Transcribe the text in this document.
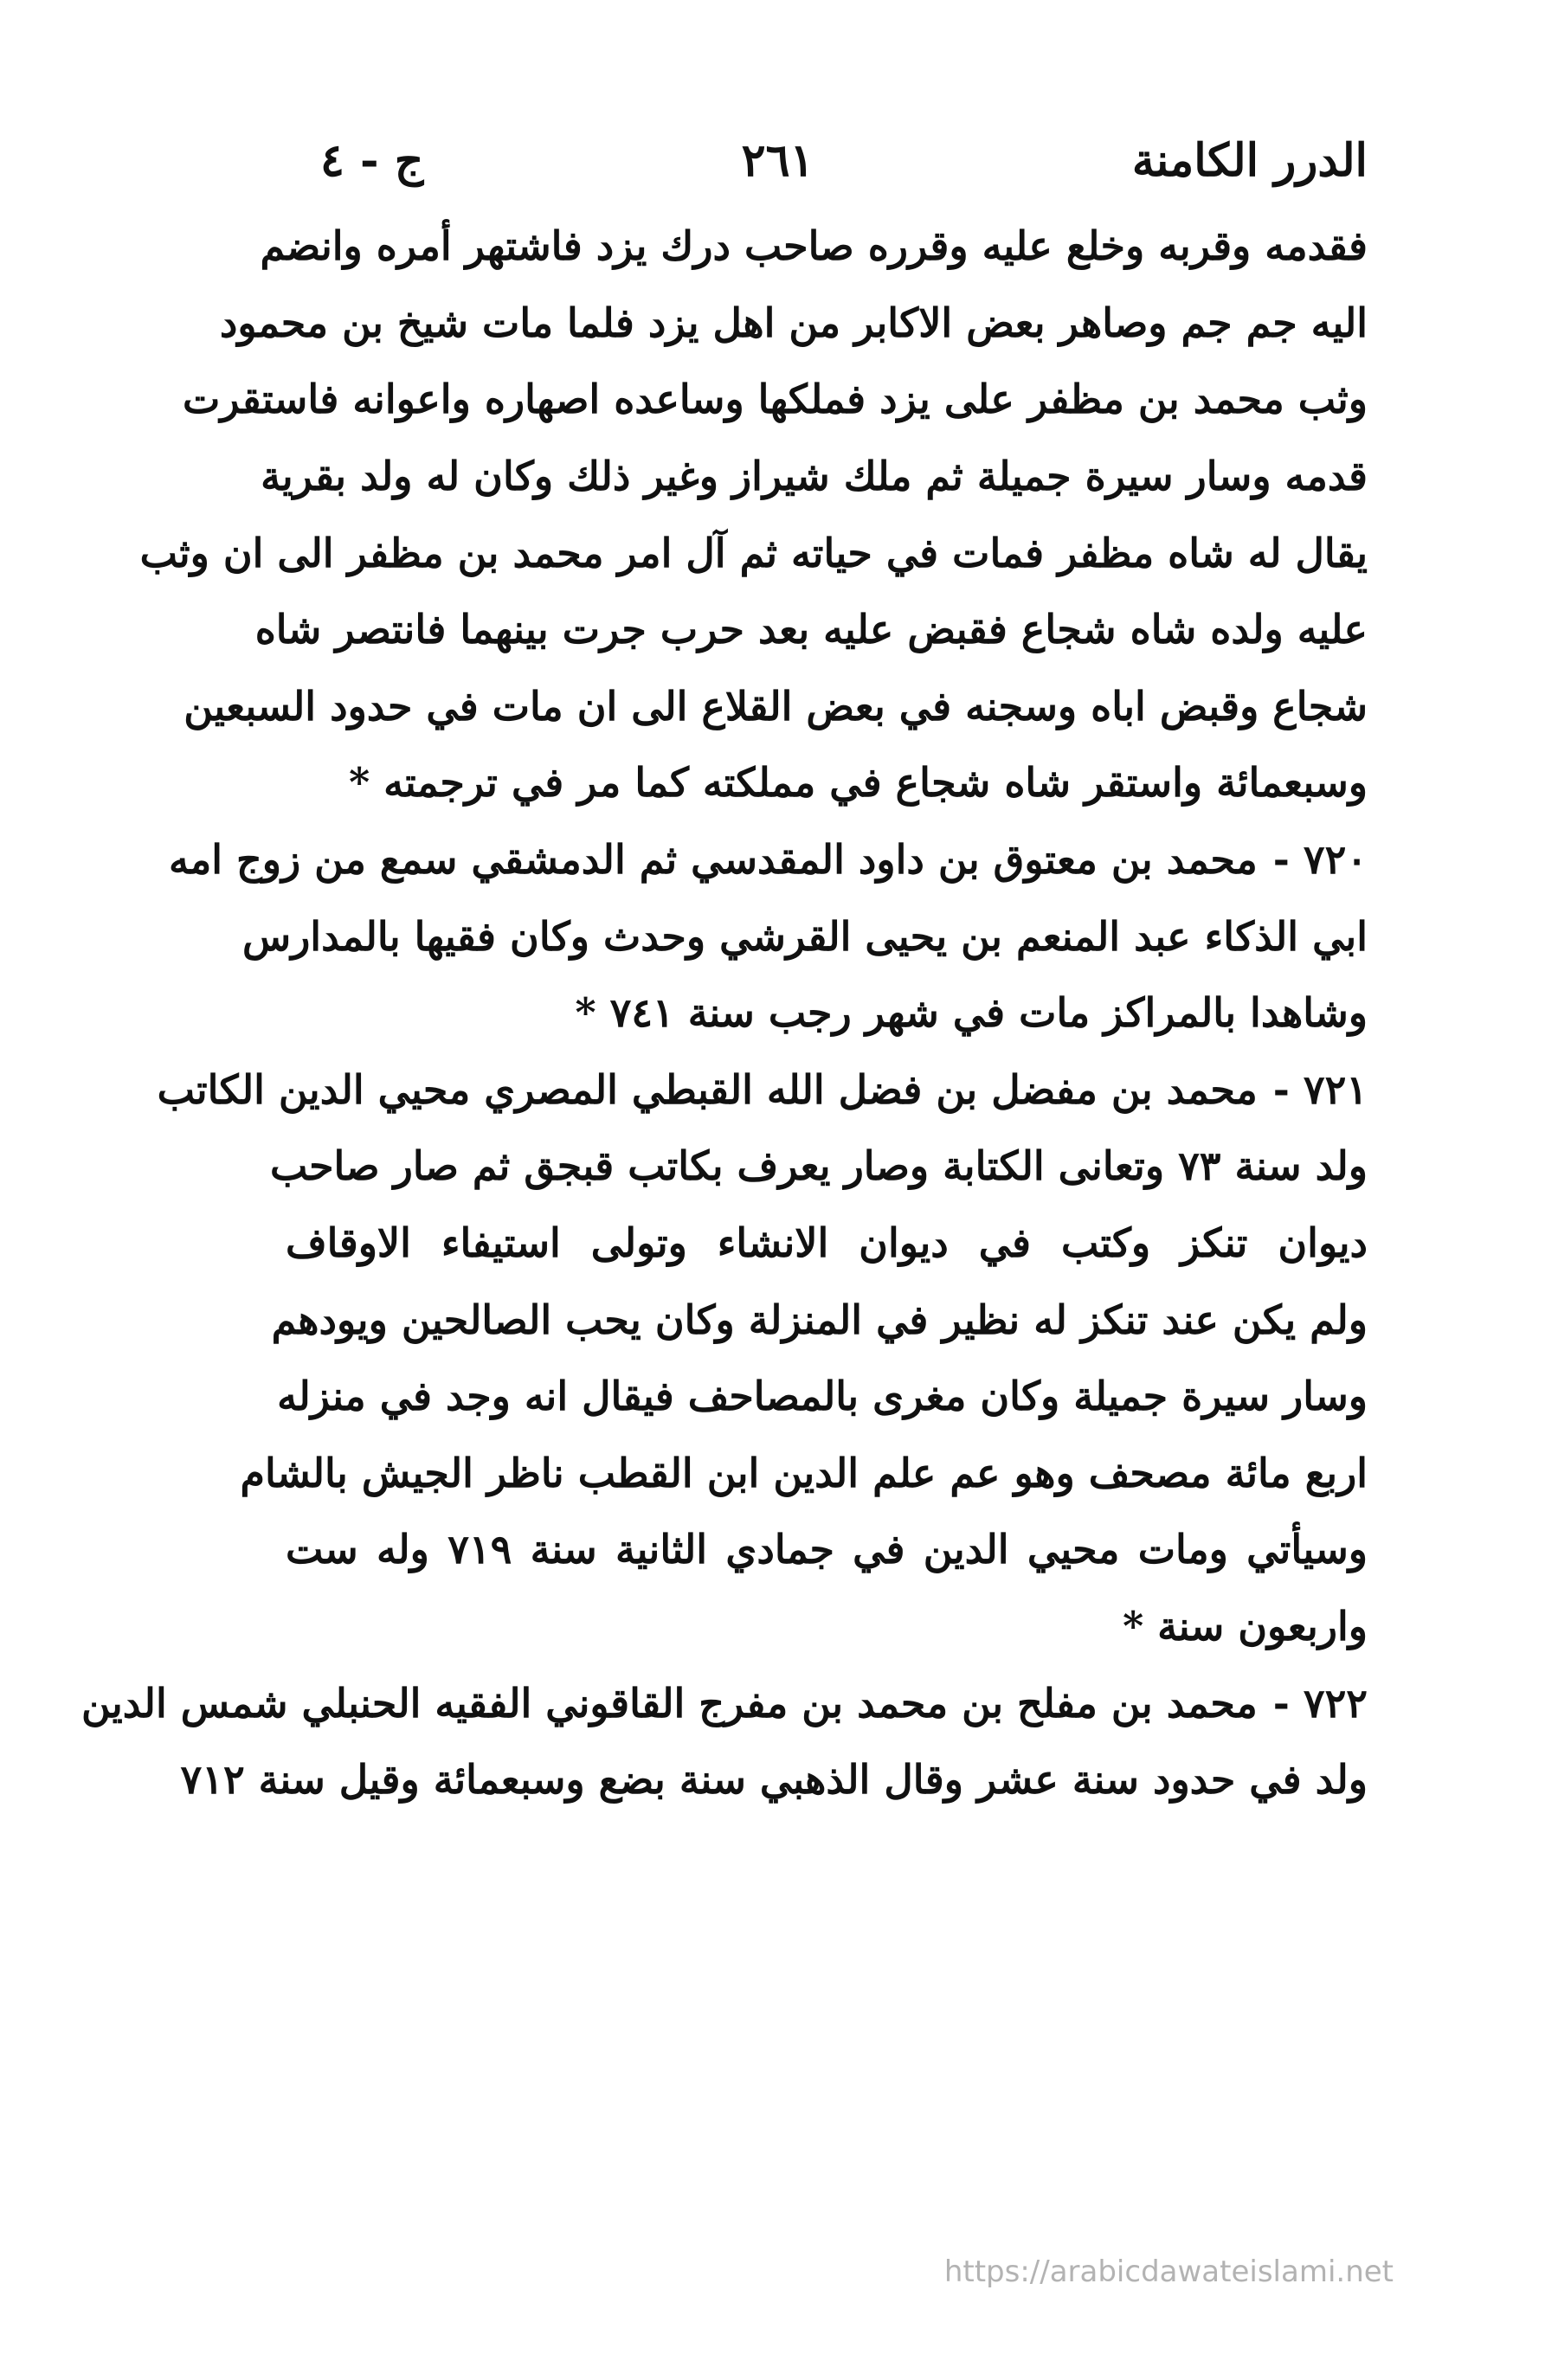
الدرر الكامنة
٢٦١
ج - ٤
فقدمه وقربه وخلع عليه وقرره صاحب درك يزد فاشتهر أمره وانضم
اليه جم جم وصاهر بعض الاكابر من اهل يزد فلما مات شيخ بن محمود
وثب محمد بن مظفر على يزد فملكها وساعده اصهاره واعوانه فاستقرت
قدمه وسار سيرة جميلة ثم ملك شيراز وغير ذلك وكان له ولد بقرية
يقال له شاه مظفر فمات في حياته ثم آل امر محمد بن مظفر الى ان وثب
عليه ولده شاه شجاع فقبض عليه بعد حرب جرت بينهما فانتصر شاه
شجاع وقبض اباه وسجنه في بعض القلاع الى ان مات في حدود السبعين
وسبعمائة واستقر شاه شجاع في مملكته كما مر في ترجمته *
٧٢٠ -
محمد بن معتوق بن داود المقدسي ثم الدمشقي سمع من زوج امه
ابي الذكاء عبد المنعم بن يحيى القرشي وحدث وكان فقيها بالمدارس
وشاهدا بالمراكز مات في شهر رجب سنة ٧٤١ *
٧٢١ -
محمد بن مفضل بن فضل الله القبطي المصري محيي الدين الكاتب
ولد سنة ٧٣ وتعانى الكتابة وصار يعرف بكاتب قبجق ثم صار صاحب
ديوان تنكز وكتب في ديوان الانشاء وتولى استيفاء الاوقاف
ولم يكن عند تنكز له نظير في المنزلة وكان يحب الصالحين ويودهم
وسار سيرة جميلة وكان مغرى بالمصاحف فيقال انه وجد في منزله
اربع مائة مصحف وهو عم علم الدين ابن القطب ناظر الجيش بالشام
وسيأتي ومات محيي الدين في جمادي الثانية سنة ٧١٩ وله ست
واربعون سنة *
٧٢٢ -
محمد بن مفلح بن محمد بن مفرج القاقوني الفقيه الحنبلي شمس الدين
ولد في حدود سنة عشر وقال الذهبي سنة بضع وسبعمائة وقيل سنة ٧١٢
https://arabicdawateislami.net
